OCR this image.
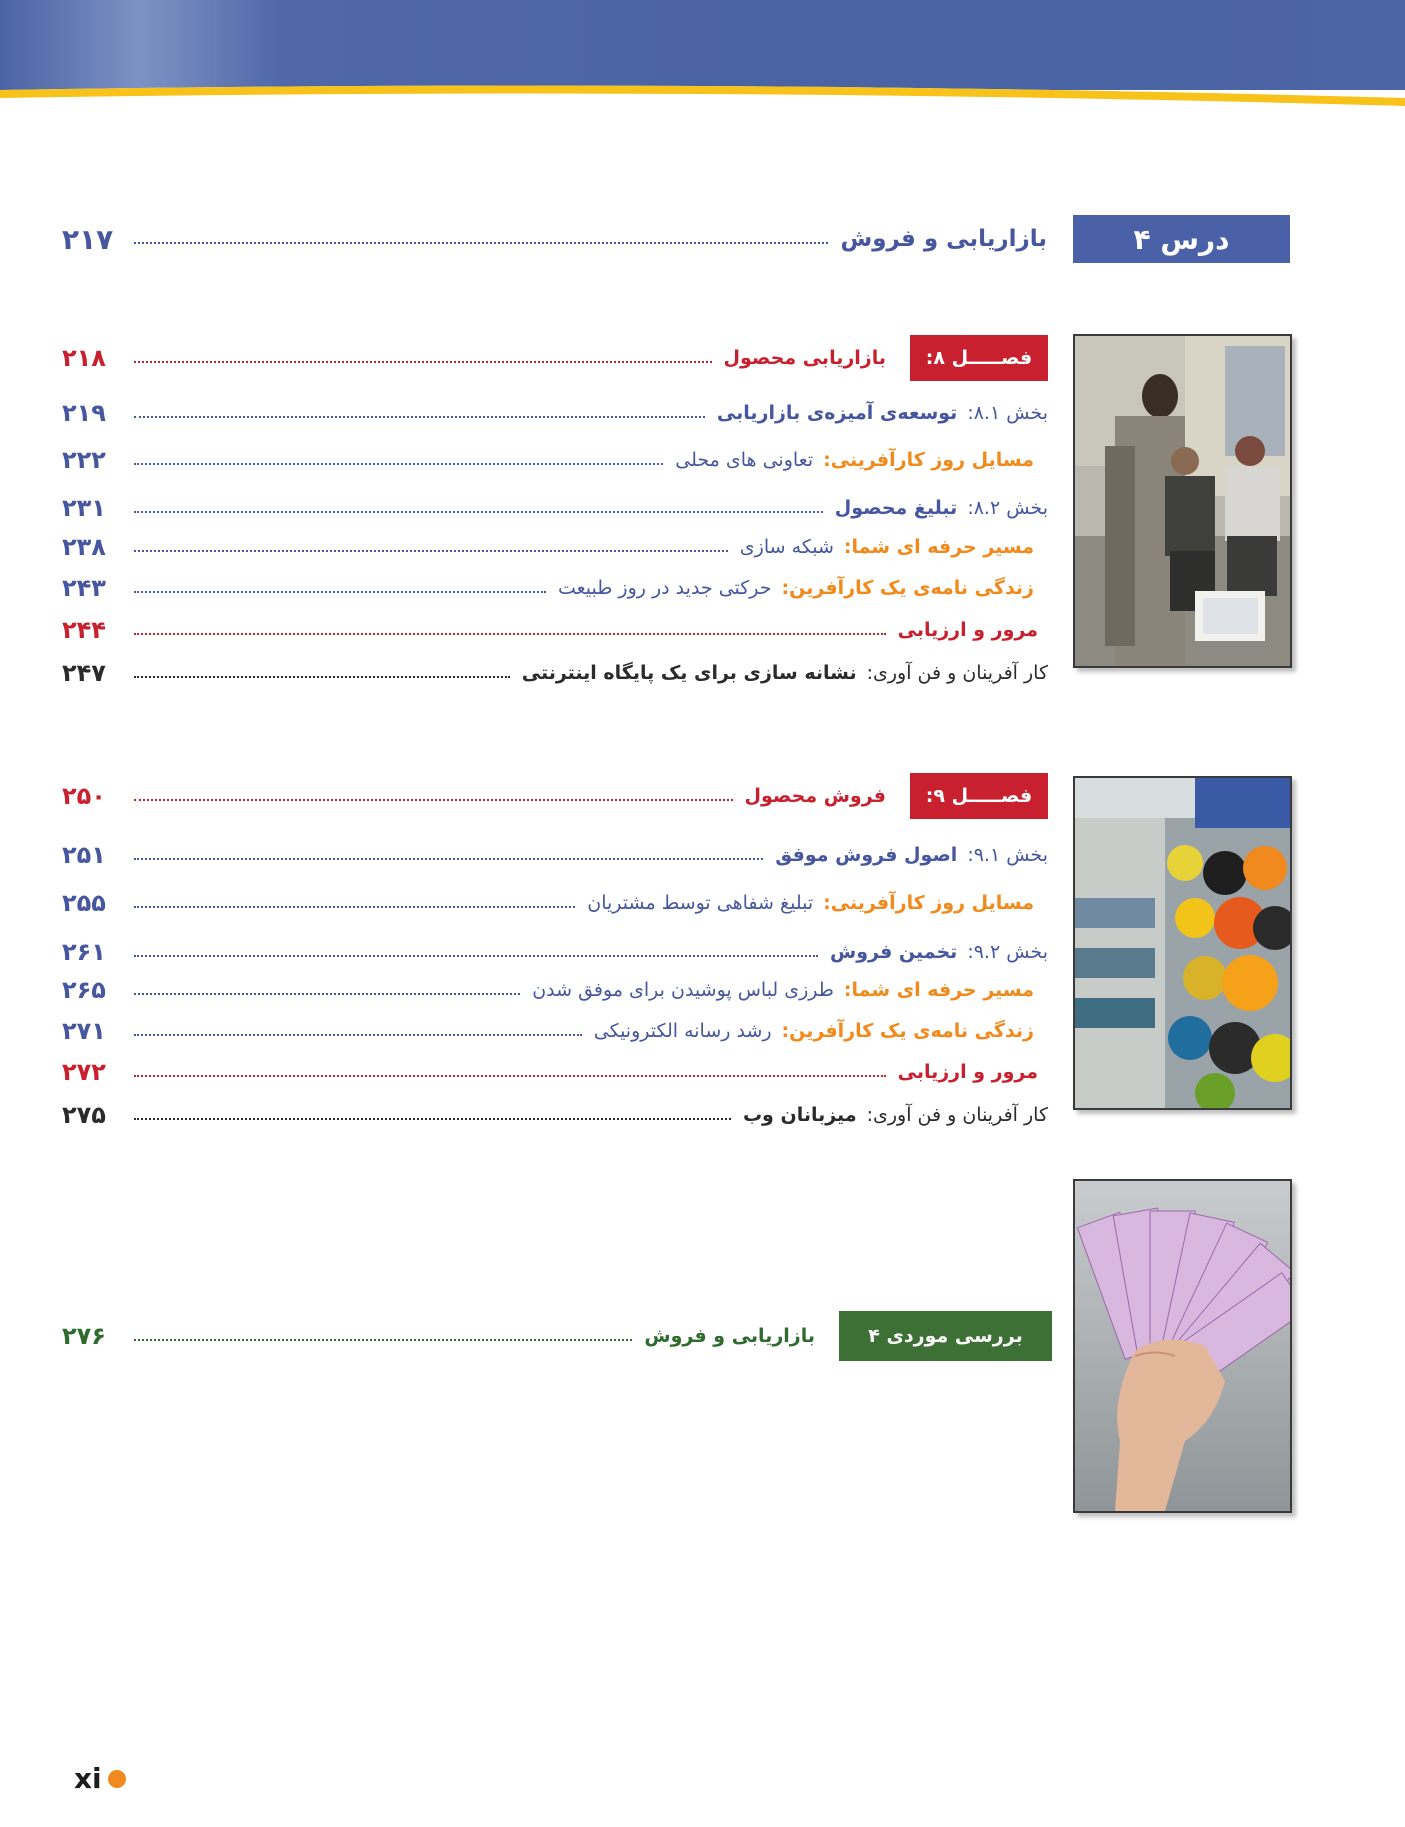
درس ۴
بازاریابی و فروش
۲۱۷
فصـــــل ۸:
بازاریابی محصول
۲۱۸
بخش ۸.۱:
توسعه‌ی آمیزه‌ی بازاریابی
۲۱۹
مسایل روز کارآفرینی:
تعاونی های محلی
۲۲۲
بخش ۸.۲:
تبلیغ محصول
۲۳۱
مسیر حرفه ای شما:
شبکه سازی
۲۳۸
زندگی نامه‌ی یک کارآفرین:
حرکتی جدید در روز طبیعت
۲۴۳
مرور و ارزیابی
۲۴۴
کار آفرینان و فن آوری:
نشانه سازی برای یک پایگاه اینترنتی
۲۴۷
فصـــــل ۹:
فروش محصول
۲۵۰
بخش ۹.۱:
اصول فروش موفق
۲۵۱
مسایل روز کارآفرینی:
تبلیغ شفاهی توسط مشتریان
۲۵۵
بخش ۹.۲:
تخمین فروش
۲۶۱
مسیر حرفه ای شما:
طرزی لباس پوشیدن برای موفق شدن
۲۶۵
زندگی نامه‌ی یک کارآفرین:
رشد رسانه الکترونیکی
۲۷۱
مرور و ارزیابی
۲۷۲
کار آفرینان و فن آوری:
میزبانان وب
۲۷۵
بررسی موردی ۴
بازاریابی و فروش
۲۷۶
xi
